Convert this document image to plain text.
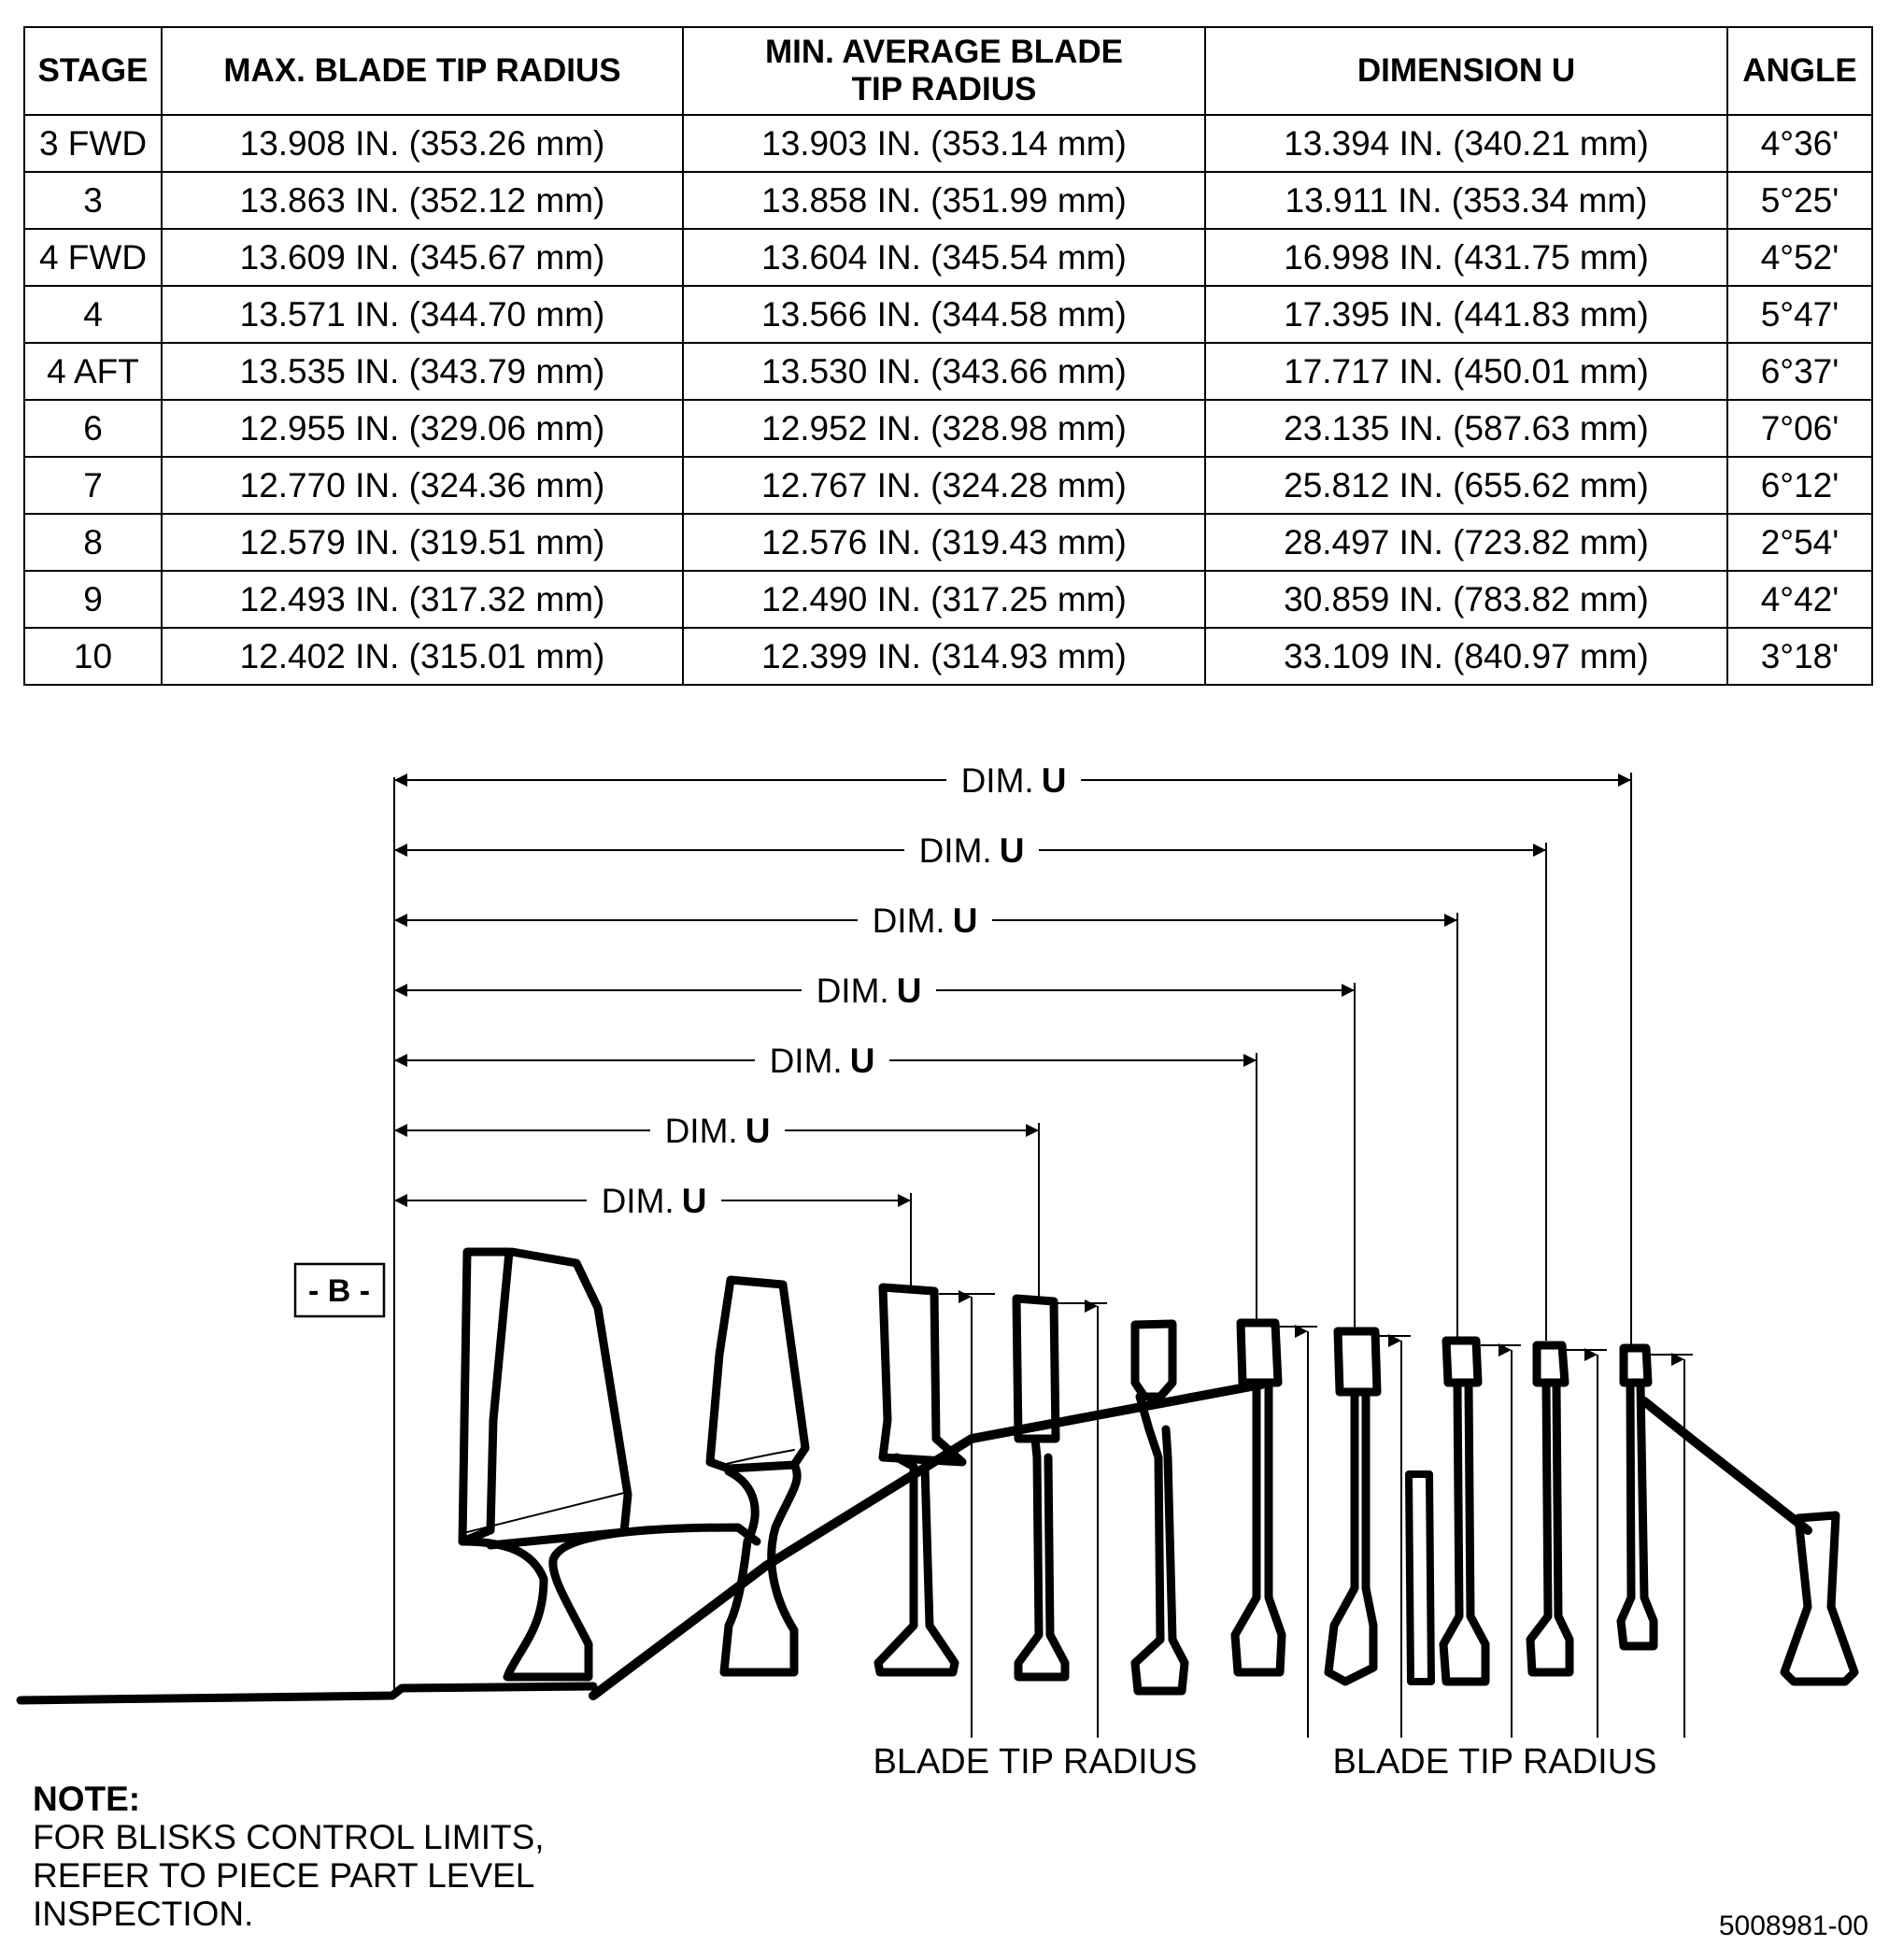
STAGE	MAX. BLADE TIP RADIUS	MIN. AVERAGE BLADE
TIP RADIUS	DIMENSION U	ANGLE
3 FWD	13.908 IN. (353.26 mm)	13.903 IN. (353.14 mm)	13.394 IN. (340.21 mm)	4°36'
3	13.863 IN. (352.12 mm)	13.858 IN. (351.99 mm)	13.911 IN. (353.34 mm)	5°25'
4 FWD	13.609 IN. (345.67 mm)	13.604 IN. (345.54 mm)	16.998 IN. (431.75 mm)	4°52'
4	13.571 IN. (344.70 mm)	13.566 IN. (344.58 mm)	17.395 IN. (441.83 mm)	5°47'
4 AFT	13.535 IN. (343.79 mm)	13.530 IN. (343.66 mm)	17.717 IN. (450.01 mm)	6°37'
6	12.955 IN. (329.06 mm)	12.952 IN. (328.98 mm)	23.135 IN. (587.63 mm)	7°06'
7	12.770 IN. (324.36 mm)	12.767 IN. (324.28 mm)	25.812 IN. (655.62 mm)	6°12'
8	12.579 IN. (319.51 mm)	12.576 IN. (319.43 mm)	28.497 IN. (723.82 mm)	2°54'
9	12.493 IN. (317.32 mm)	12.490 IN. (317.25 mm)	30.859 IN. (783.82 mm)	4°42'
10	12.402 IN. (315.01 mm)	12.399 IN. (314.93 mm)	33.109 IN. (840.97 mm)	3°18'
- B -
DIM. U
DIM. U
DIM. U
DIM. U
DIM. U
DIM. U
DIM. U
BLADE TIP RADIUS	BLADE TIP RADIUS
NOTE:
FOR BLISKS CONTROL LIMITS,
REFER TO PIECE PART LEVEL
INSPECTION.	5008981-00
